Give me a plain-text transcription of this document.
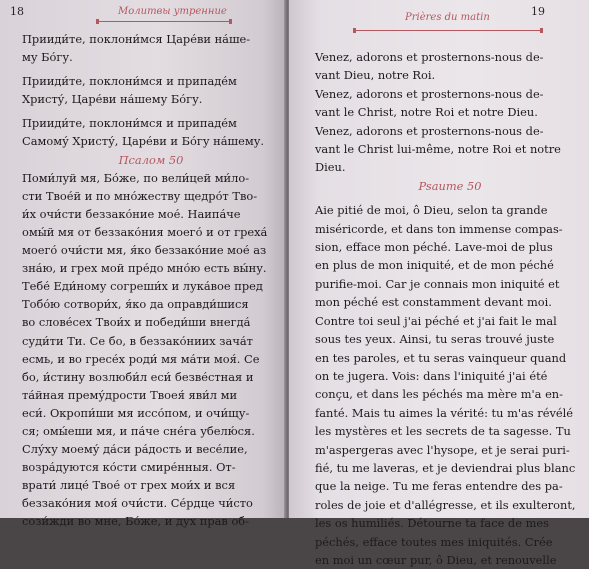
18	Молитвы утренние
Прииди́те, поклони́мся Царе́ви на́ше-
му Бо́гу.

Прииди́те, поклони́мся и припаде́м
Христу́, Царе́ви на́шему Бо́гу.

Прииди́те, поклони́мся и припаде́м
Самому́ Христу́, Царе́ви и Бо́гу на́шему.
Псалом 50
Поми́луй мя, Бо́же, по вели́цей ми́ло-
сти Твое́й и по мно́жеству щедро́т Тво-
и́х очи́сти беззако́ние мое́. Наипа́че
омы́й мя от беззако́ния моего́ и от греха́
моего́ очи́сти мя, я́ко беззако́ние мое́ аз
зна́ю, и грех мой пре́до мно́ю есть вы́ну.
Тебе́ Еди́ному согреши́х и лука́вое пред
Тобо́ю сотвори́х, я́ко да оправди́шися
во слове́сех Твои́х и победи́ши внегда́
суди́ти Ти. Се бо, в беззако́ниих зача́т
есмь, и во гресе́х роди́ мя ма́ти моя́. Се
бо, и́стину возлюби́л еси́ безве́стная и
та́йная прему́дрости Твоея́ яви́л ми
еси́. Окропи́ши мя иссо́пом, и очи́щу-
ся; омы́еши мя, и па́че сне́га убелю́ся.
Слу́ху моему́ да́си ра́дость и весе́лие,
возра́дуются ко́сти смире́нныя. От-
врати́ лице́ Твое́ от грех мои́х и вся
беззако́ния моя́ очи́сти. Се́рдце чи́сто
сози́жди во мне, Бо́же, и дух прав об-
19
Prières du matin
Venez, adorons et prosternons-nous de-
vant Dieu, notre Roi.
Venez, adorons et prosternons-nous de-
vant le Christ, notre Roi et notre Dieu.
Venez, adorons et prosternons-nous de-
vant le Christ lui-même, notre Roi et notre
Dieu.
Psaume 50

Aie pitié de moi, ô Dieu, selon ta grande
miséricorde, et dans ton immense compas-
sion, efface mon péché. Lave-moi de plus
en plus de mon iniquité, et de mon péché
purifie-moi. Car je connais mon iniquité et
mon péché est constamment devant moi.
Contre toi seul j'ai péché et j'ai fait le mal
sous tes yeux. Ainsi, tu seras trouvé juste
en tes paroles, et tu seras vainqueur quand
on te jugera. Vois: dans l'iniquité j'ai été
conçu, et dans les péchés ma mère m'a en-
fanté. Mais tu aimes la vérité: tu m'as révélé
les mystères et les secrets de ta sagesse. Tu
m'aspergeras avec l'hysope, et je serai puri-
fié, tu me laveras, et je deviendrai plus blanc
que la neige. Tu me feras entendre des pa-
roles de joie et d'allégresse, et ils exulteront,
les os humiliés. Détourne ta face de mes
péchés, efface toutes mes iniquités. Crée
en moi un cœur pur, ô Dieu, et renouvelle
